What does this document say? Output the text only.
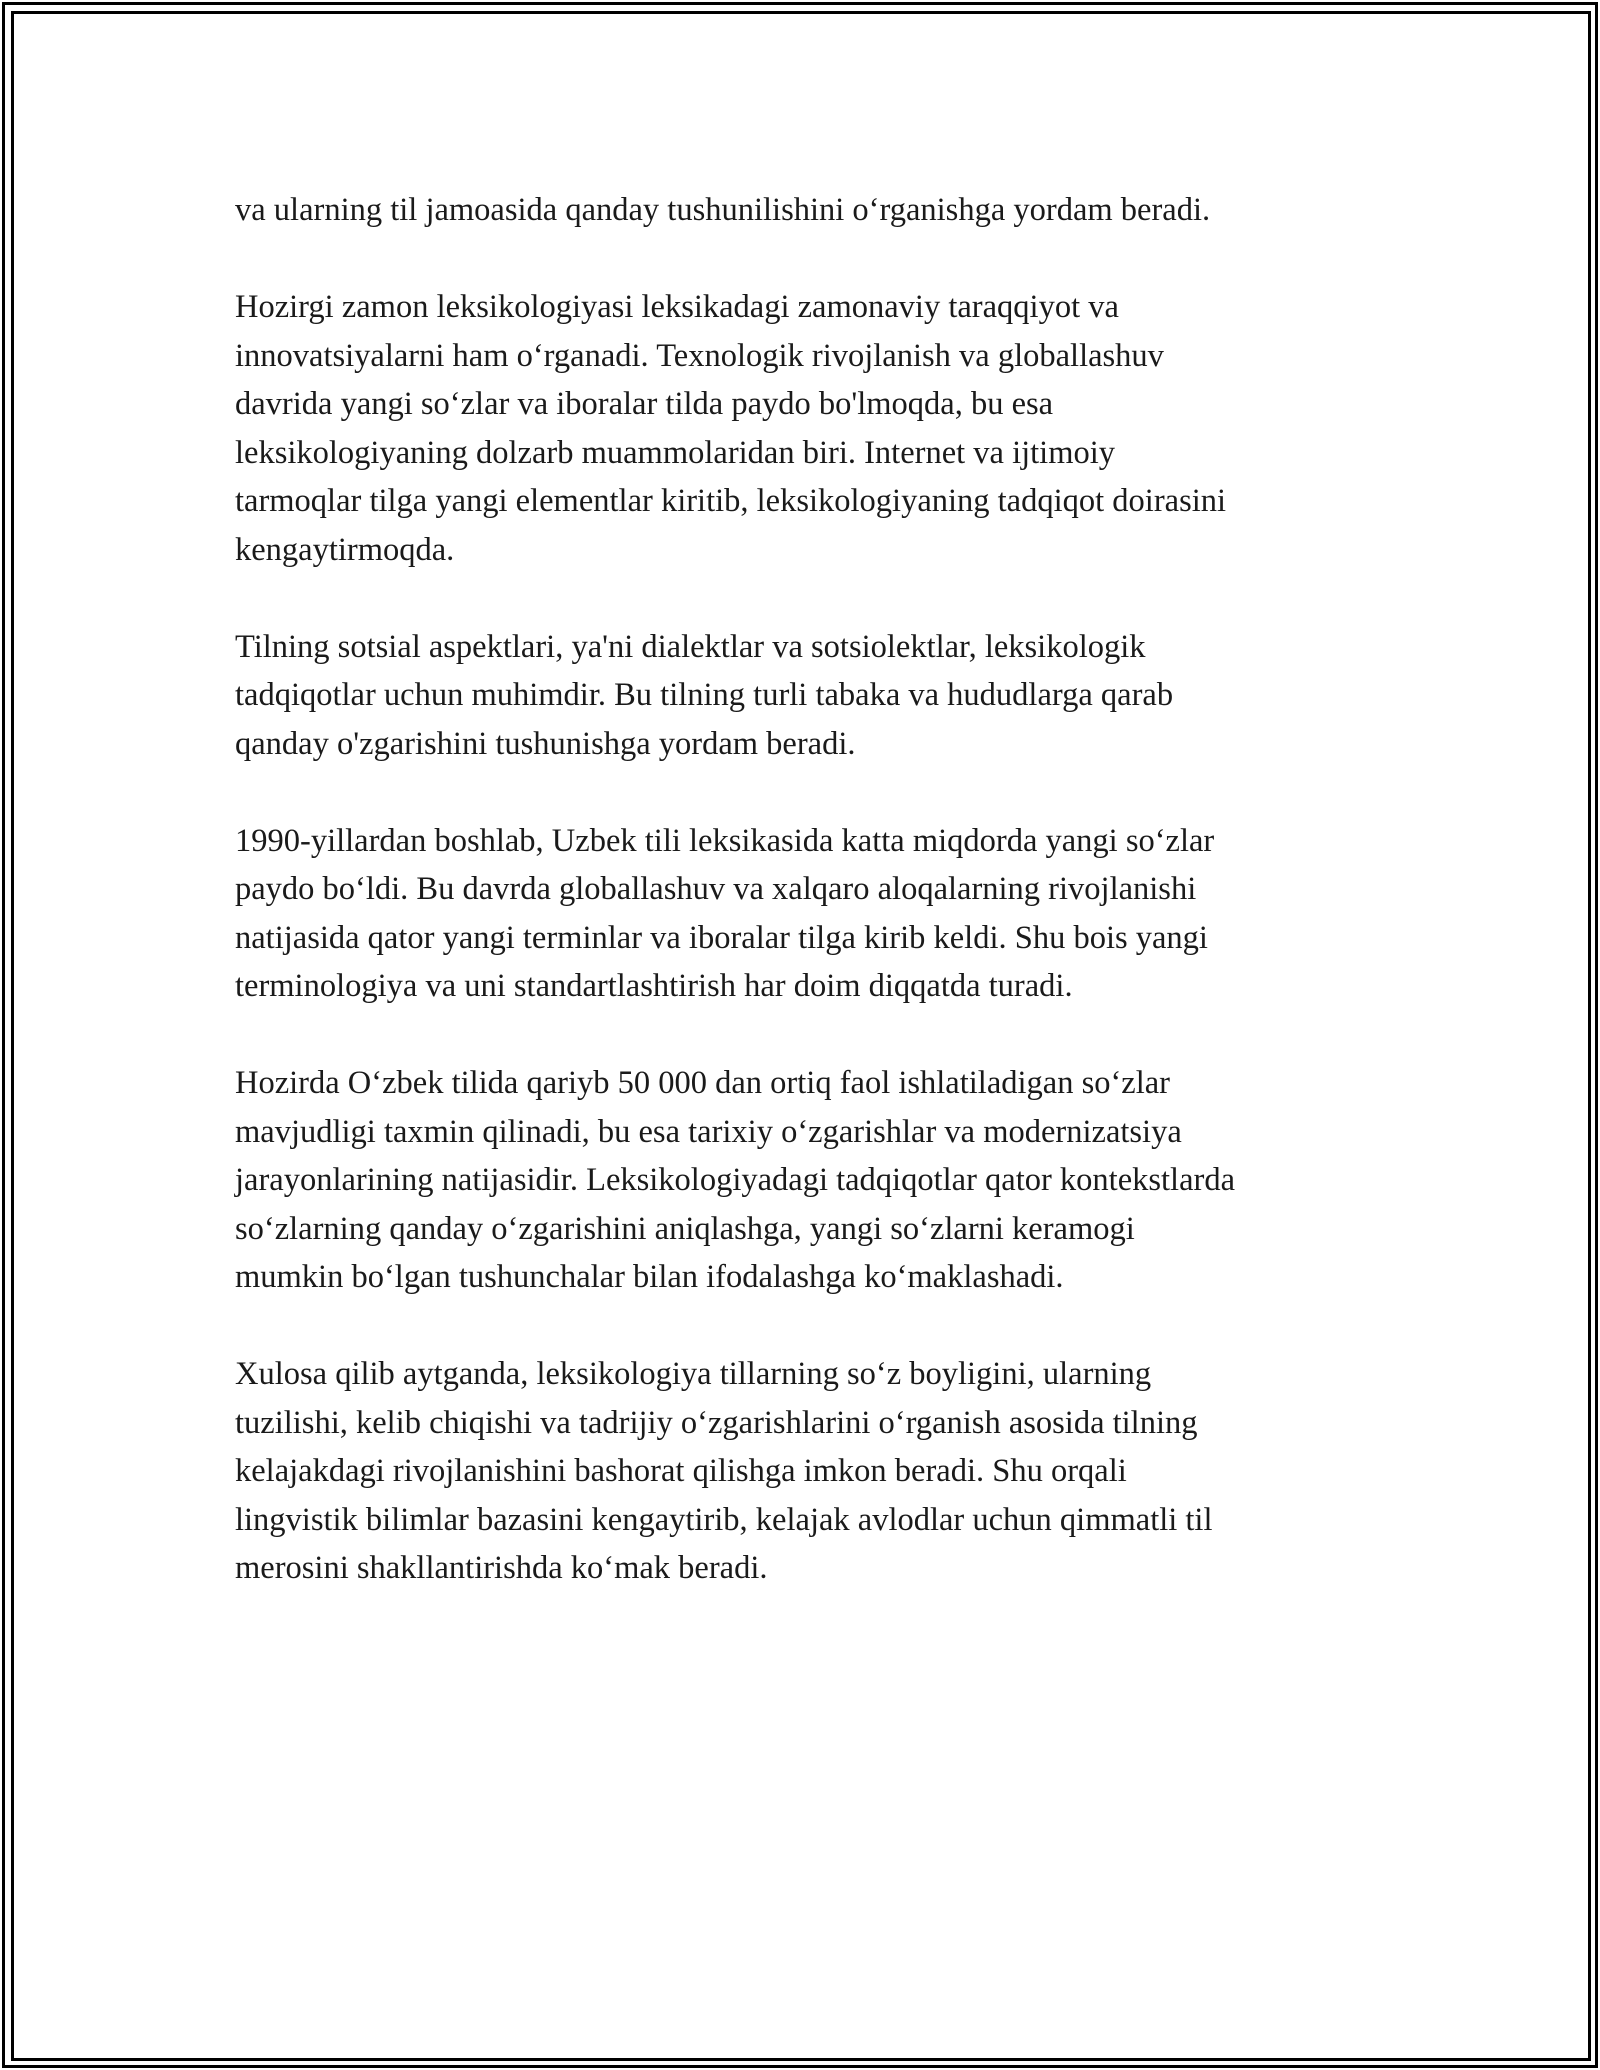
va ularning til jamoasida qanday tushunilishini oʻrganishga yordam beradi.

Hozirgi zamon leksikologiyasi leksikadagi zamonaviy taraqqiyot va
innovatsiyalarni ham oʻrganadi. Texnologik rivojlanish va globallashuv
davrida yangi soʻzlar va iboralar tilda paydo bo'lmoqda, bu esa
leksikologiyaning dolzarb muammolaridan biri. Internet va ijtimoiy
tarmoqlar tilga yangi elementlar kiritib, leksikologiyaning tadqiqot doirasini
kengaytirmoqda.

Tilning sotsial aspektlari, ya'ni dialektlar va sotsiolektlar, leksikologik
tadqiqotlar uchun muhimdir. Bu tilning turli tabaka va hududlarga qarab
qanday o'zgarishini tushunishga yordam beradi.

1990-yillardan boshlab, Uzbek tili leksikasida katta miqdorda yangi soʻzlar
paydo boʻldi. Bu davrda globallashuv va xalqaro aloqalarning rivojlanishi
natijasida qator yangi terminlar va iboralar tilga kirib keldi. Shu bois yangi
terminologiya va uni standartlashtirish har doim diqqatda turadi.

Hozirda Oʻzbek tilida qariyb 50 000 dan ortiq faol ishlatiladigan soʻzlar
mavjudligi taxmin qilinadi, bu esa tarixiy oʻzgarishlar va modernizatsiya
jarayonlarining natijasidir. Leksikologiyadagi tadqiqotlar qator kontekstlarda
soʻzlarning qanday oʻzgarishini aniqlashga, yangi soʻzlarni keramogi
mumkin boʻlgan tushunchalar bilan ifodalashga koʻmaklashadi.

Xulosa qilib aytganda, leksikologiya tillarning soʻz boyligini, ularning
tuzilishi, kelib chiqishi va tadrijiy oʻzgarishlarini oʻrganish asosida tilning
kelajakdagi rivojlanishini bashorat qilishga imkon beradi. Shu orqali
lingvistik bilimlar bazasini kengaytirib, kelajak avlodlar uchun qimmatli til
merosini shakllantirishda koʻmak beradi.
